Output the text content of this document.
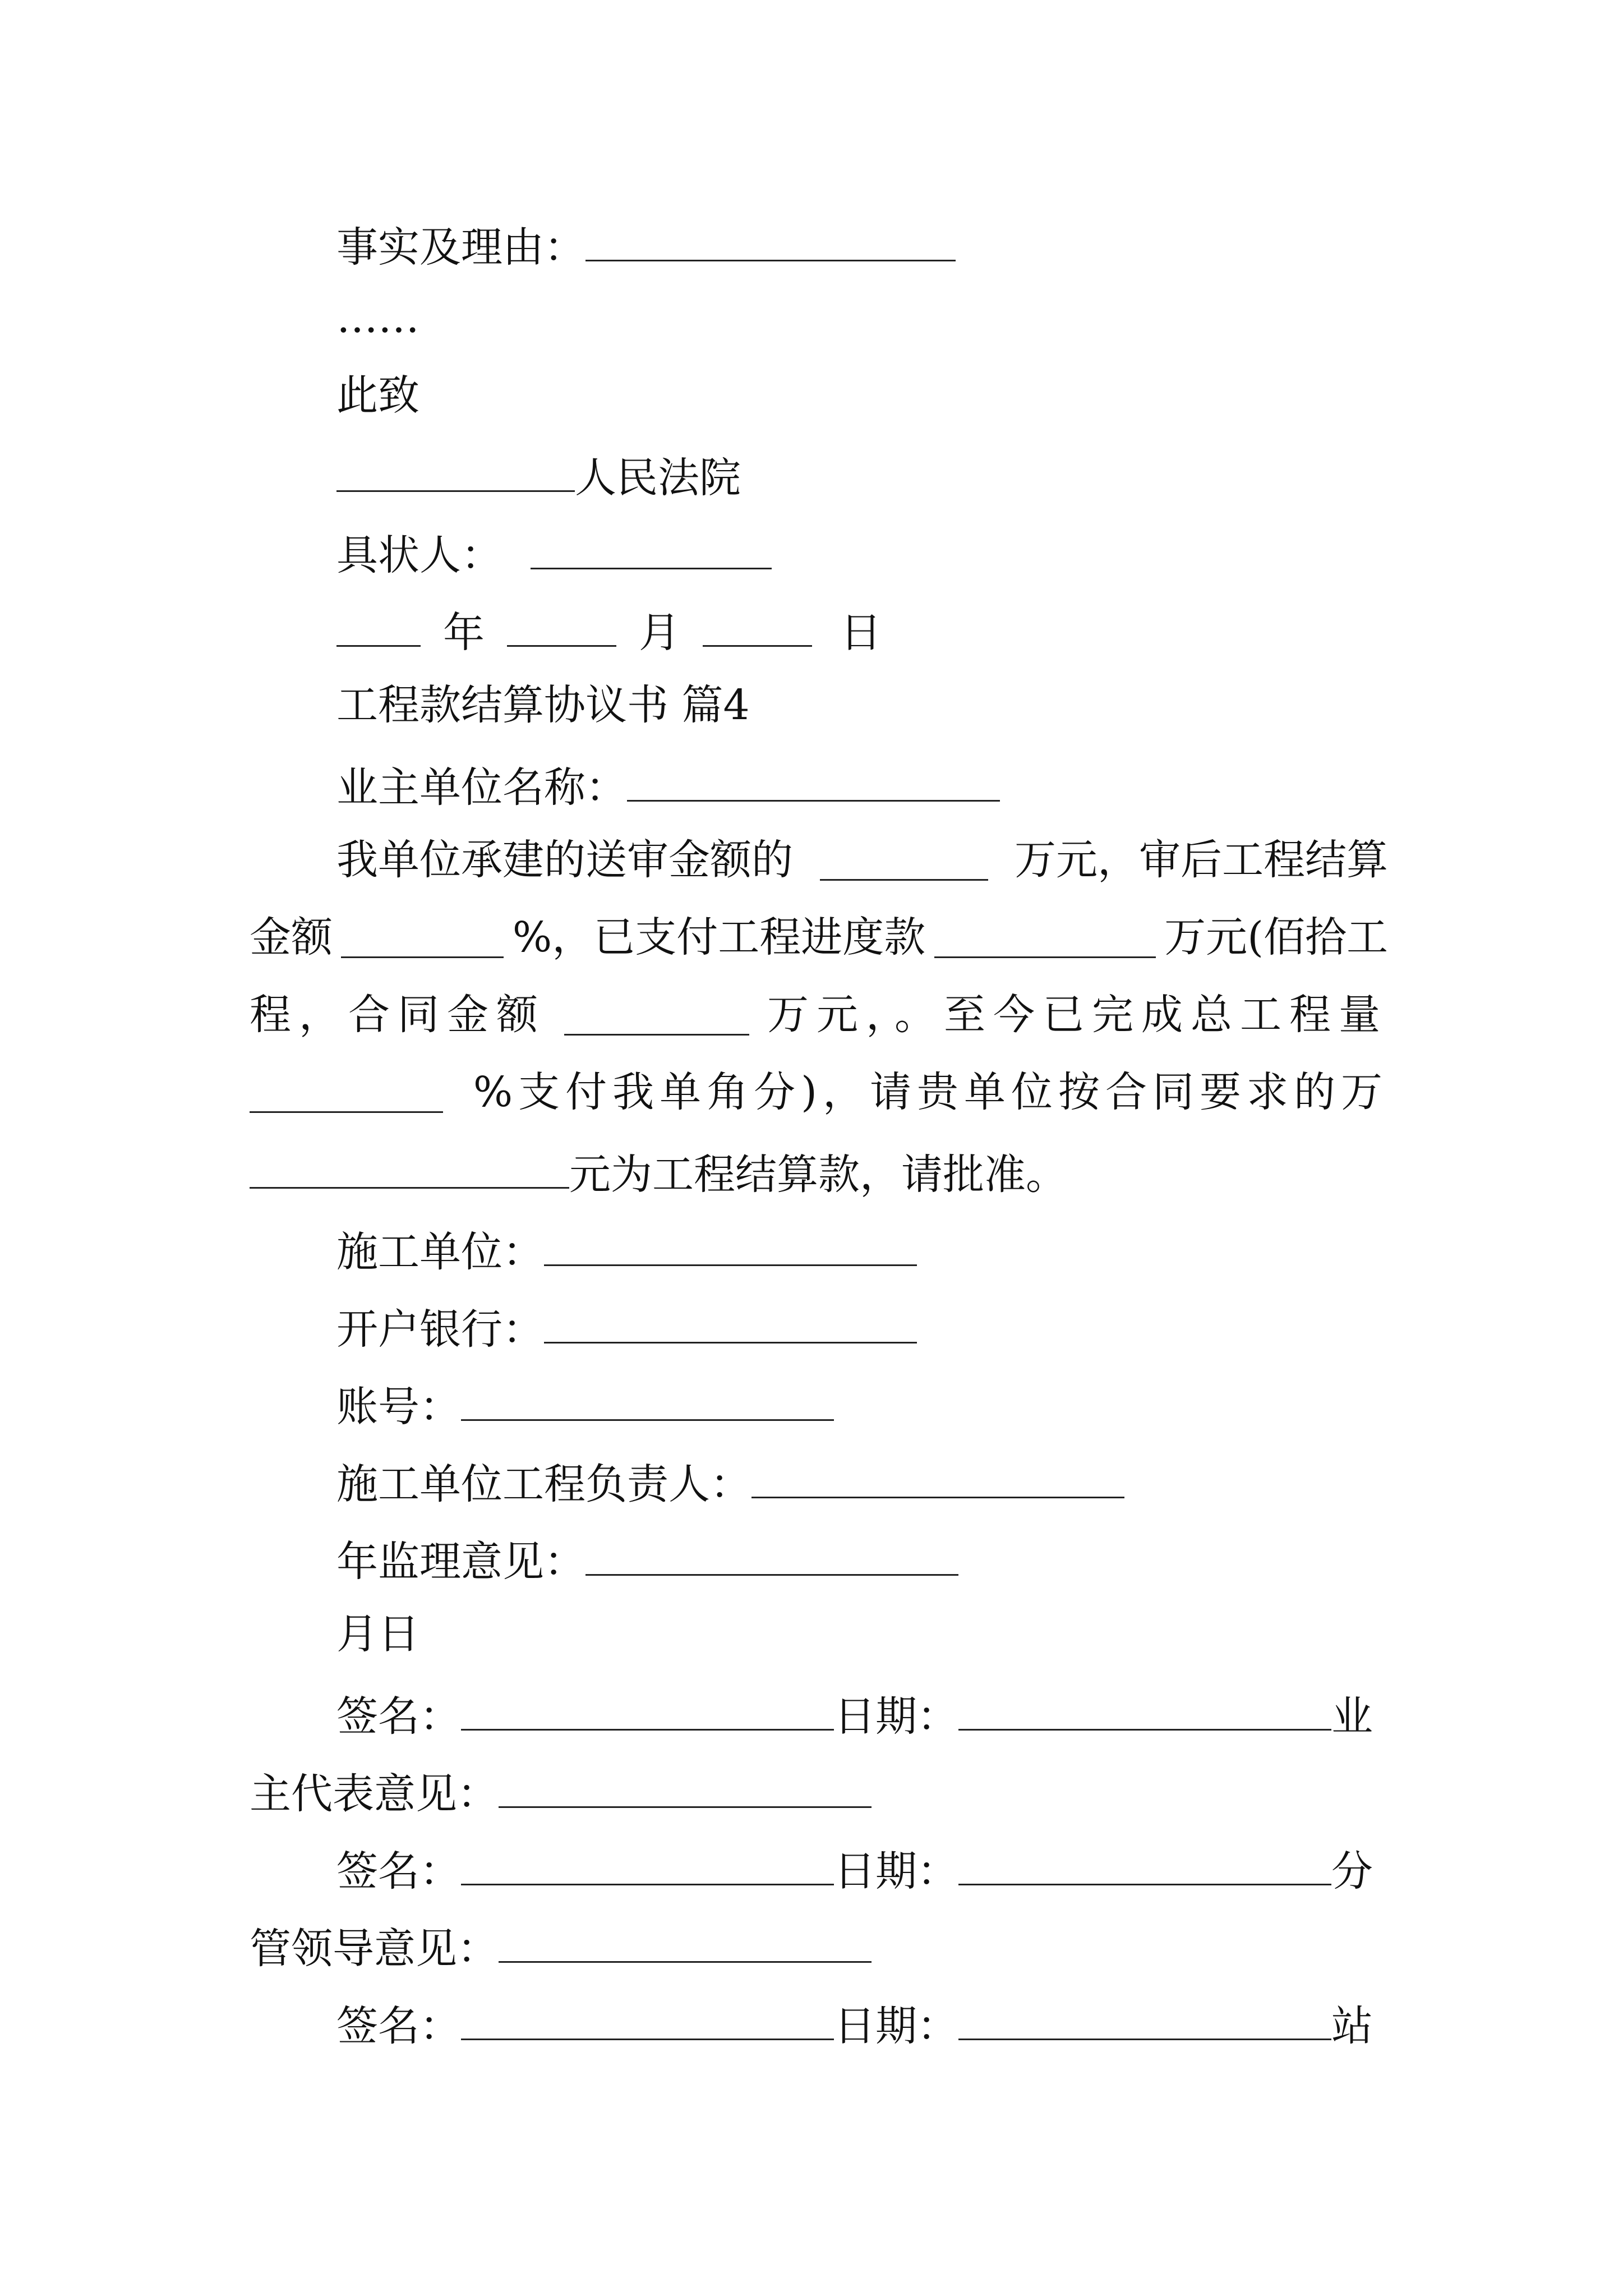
事实及理由：
……
此致
人民法院
具状人：
年	月	日
工程款结算协议书 篇4
业主单位名称：
我单位承建的送审金额的	万元，审后工程结算
金额	%，已支付工程进度款	万元(佰拾工
程，合同金额	万元，。至今已完成总工程量
%支付我单角分)，请贵单位按合同要求的万
元为工程结算款，请批准。
施工单位：
开户银行：
账号：
施工单位工程负责人：
年监理意见：
月日
签名：	日期：	业
主代表意见：
签名：	日期：	分
管领导意见：
签名：	日期：	站
